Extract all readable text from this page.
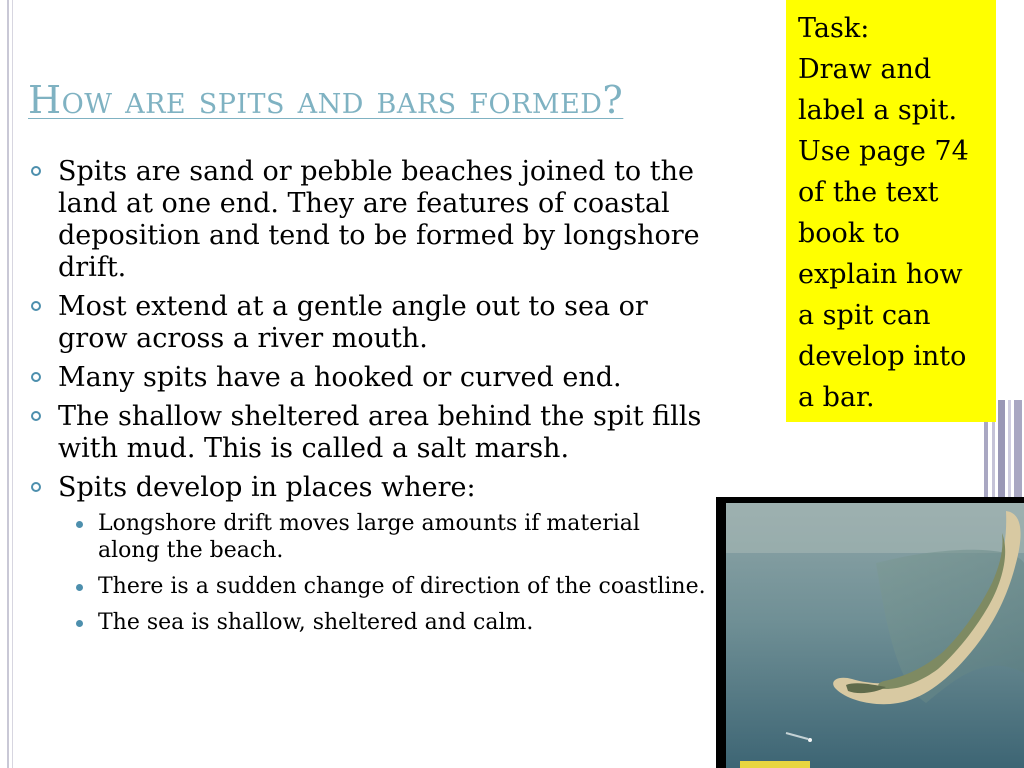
How are spits and bars formed?
Spits are sand or pebble beaches joined to the land at one end. They are features of coastal deposition and tend to be formed by longshore drift.
Most extend at a gentle angle out to sea or grow across a river mouth.
Many spits have a hooked or curved end.
The shallow sheltered area behind the spit fills with mud. This is called a salt marsh.
Spits develop in places where:
Longshore drift moves large amounts if material along the beach.
There is a sudden change of direction of the coastline.
The sea is shallow, sheltered and calm.
Task:
Draw and
label a spit.
Use page 74
of the text
book to
explain how
a spit can
develop into
a bar.
